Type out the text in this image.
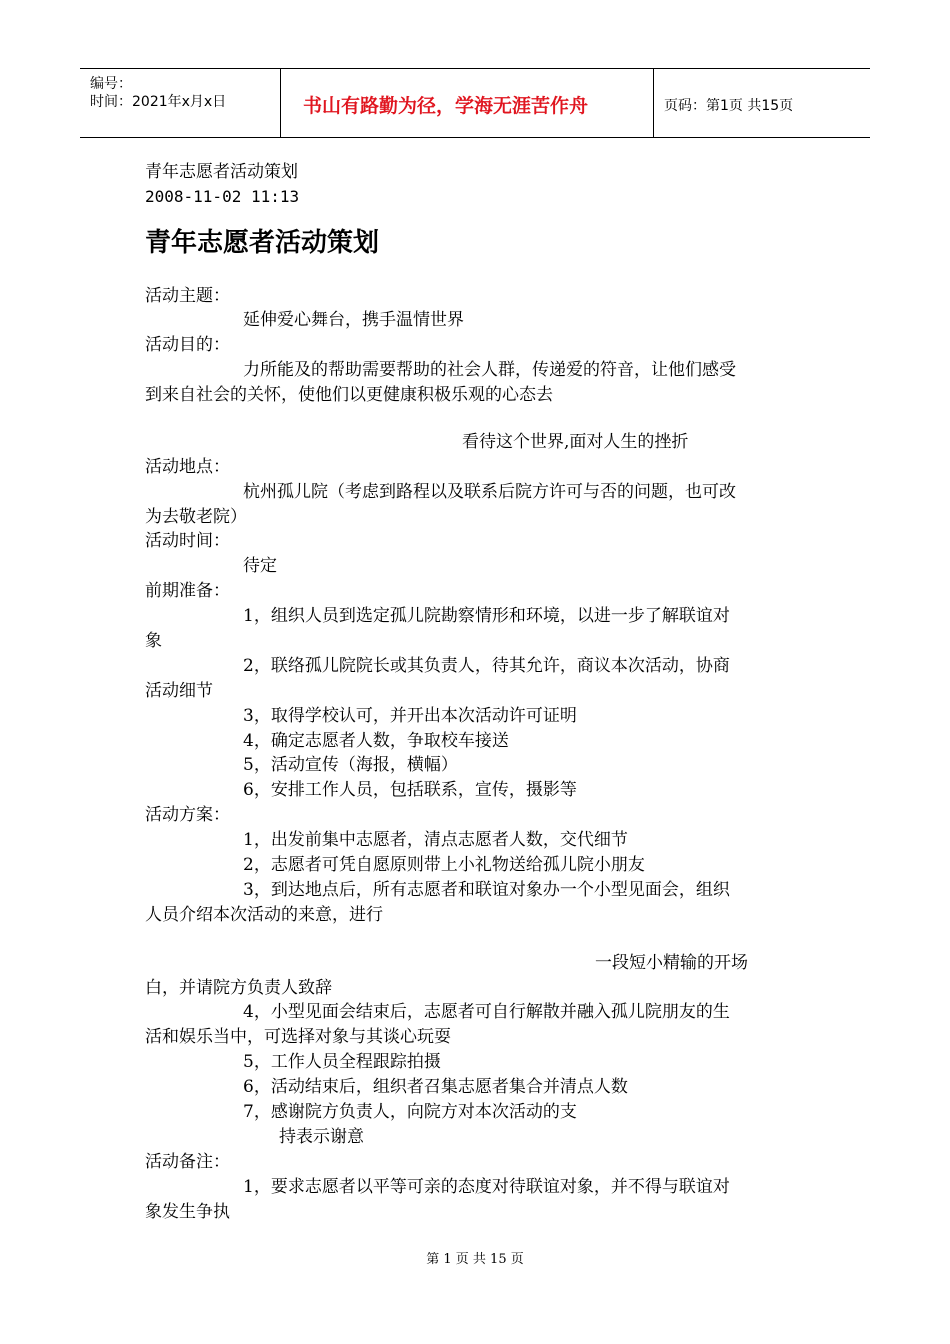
编号：
时间：2021年x月x日	书山有路勤为径，学海无涯苦作舟	页码：第1页 共15页
青年志愿者活动策划
2008-11-02 11:13
青年志愿者活动策划
活动主题：
延伸爱心舞台，携手温情世界
活动目的：
力所能及的帮助需要帮助的社会人群，传递爱的符音，让他们感受
到来自社会的关怀，使他们以更健康积极乐观的心态去
看待这个世界,面对人生的挫折
活动地点：
杭州孤儿院（考虑到路程以及联系后院方许可与否的问题，也可改
为去敬老院）
活动时间：
待定
前期准备：
1，组织人员到选定孤儿院勘察情形和环境，以进一步了解联谊对
象
2，联络孤儿院院长或其负责人，待其允许，商议本次活动，协商
活动细节
3，取得学校认可，并开出本次活动许可证明
4，确定志愿者人数，争取校车接送
5，活动宣传（海报，横幅）
6，安排工作人员，包括联系，宣传，摄影等
活动方案：
1，出发前集中志愿者，清点志愿者人数，交代细节
2，志愿者可凭自愿原则带上小礼物送给孤儿院小朋友
3，到达地点后，所有志愿者和联谊对象办一个小型见面会，组织
人员介绍本次活动的来意，进行
一段短小精输的开场
白，并请院方负责人致辞
4，小型见面会结束后，志愿者可自行解散并融入孤儿院朋友的生
活和娱乐当中，可选择对象与其谈心玩耍
5，工作人员全程跟踪拍摄
6，活动结束后，组织者召集志愿者集合并清点人数
7，感谢院方负责人，向院方对本次活动的支
持表示谢意
活动备注：
1，要求志愿者以平等可亲的态度对待联谊对象，并不得与联谊对
象发生争执
第 1 页 共 15 页
